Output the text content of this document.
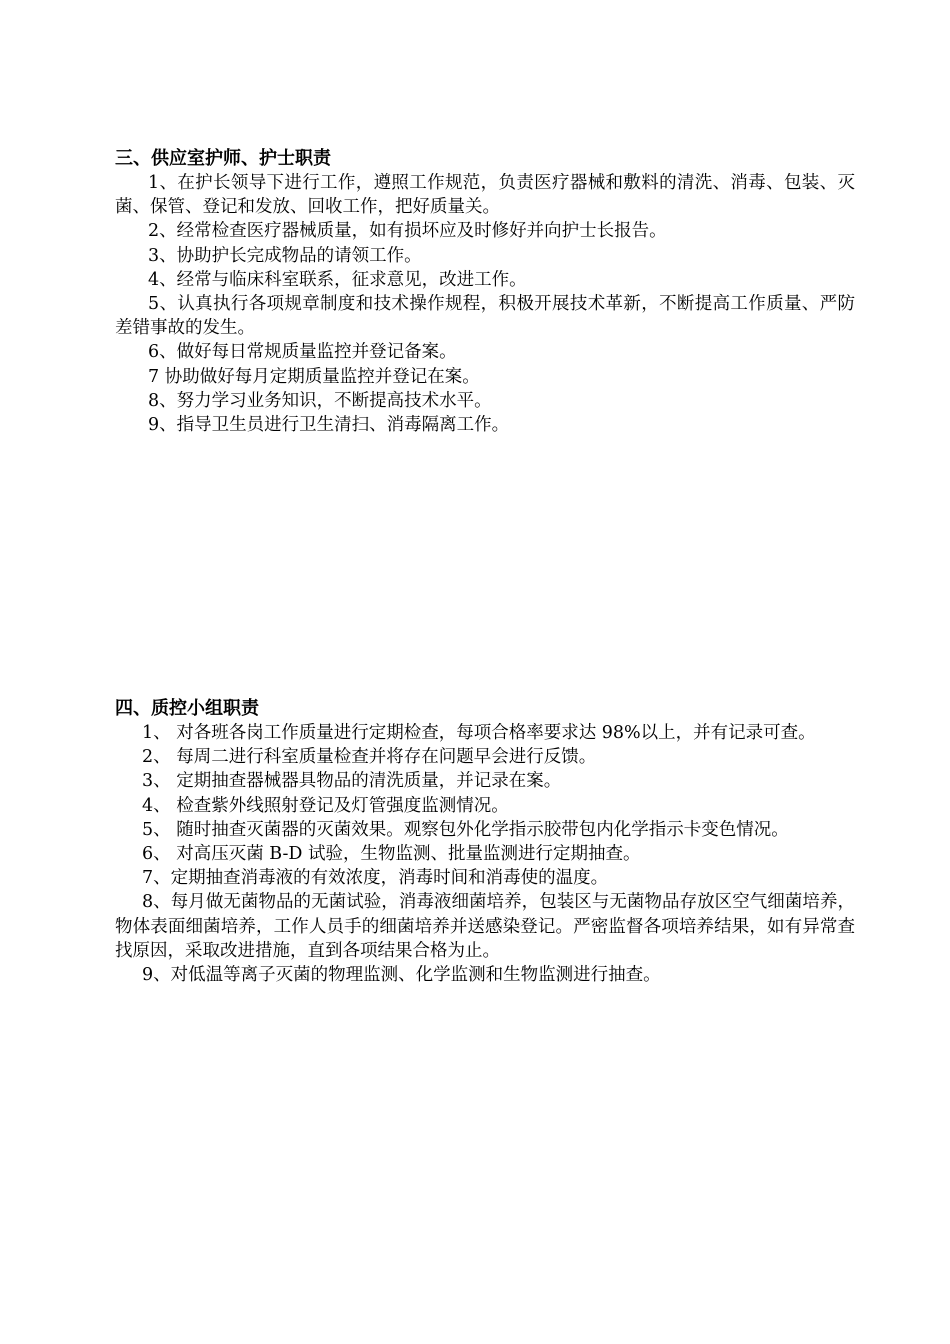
三、供应室护师、护士职责
1、在护长领导下进行工作，遵照工作规范，负责医疗器械和敷料的清洗、消毒、包装、灭菌、保管、登记和发放、回收工作，把好质量关。
2、经常检查医疗器械质量，如有损坏应及时修好并向护士长报告。
3、协助护长完成物品的请领工作。
4、经常与临床科室联系，征求意见，改进工作。
5、认真执行各项规章制度和技术操作规程，积极开展技术革新，不断提高工作质量、严防差错事故的发生。
6、做好每日常规质量监控并登记备案。
7 协助做好每月定期质量监控并登记在案。
8、努力学习业务知识，不断提高技术水平。
9、指导卫生员进行卫生清扫、消毒隔离工作。
四、质控小组职责
1、 对各班各岗工作质量进行定期检查，每项合格率要求达 98%以上，并有记录可查。
2、 每周二进行科室质量检查并将存在问题早会进行反馈。
3、 定期抽查器械器具物品的清洗质量，并记录在案。
4、 检查紫外线照射登记及灯管强度监测情况。
5、 随时抽查灭菌器的灭菌效果。观察包外化学指示胶带包内化学指示卡变色情况。
6、 对高压灭菌 B-D 试验，生物监测、批量监测进行定期抽查。
7、定期抽查消毒液的有效浓度，消毒时间和消毒使的温度。
8、每月做无菌物品的无菌试验，消毒液细菌培养，包装区与无菌物品存放区空气细菌培养，物体表面细菌培养，工作人员手的细菌培养并送感染登记。严密监督各项培养结果，如有异常查找原因，采取改进措施，直到各项结果合格为止。
9、对低温等离子灭菌的物理监测、化学监测和生物监测进行抽查。
